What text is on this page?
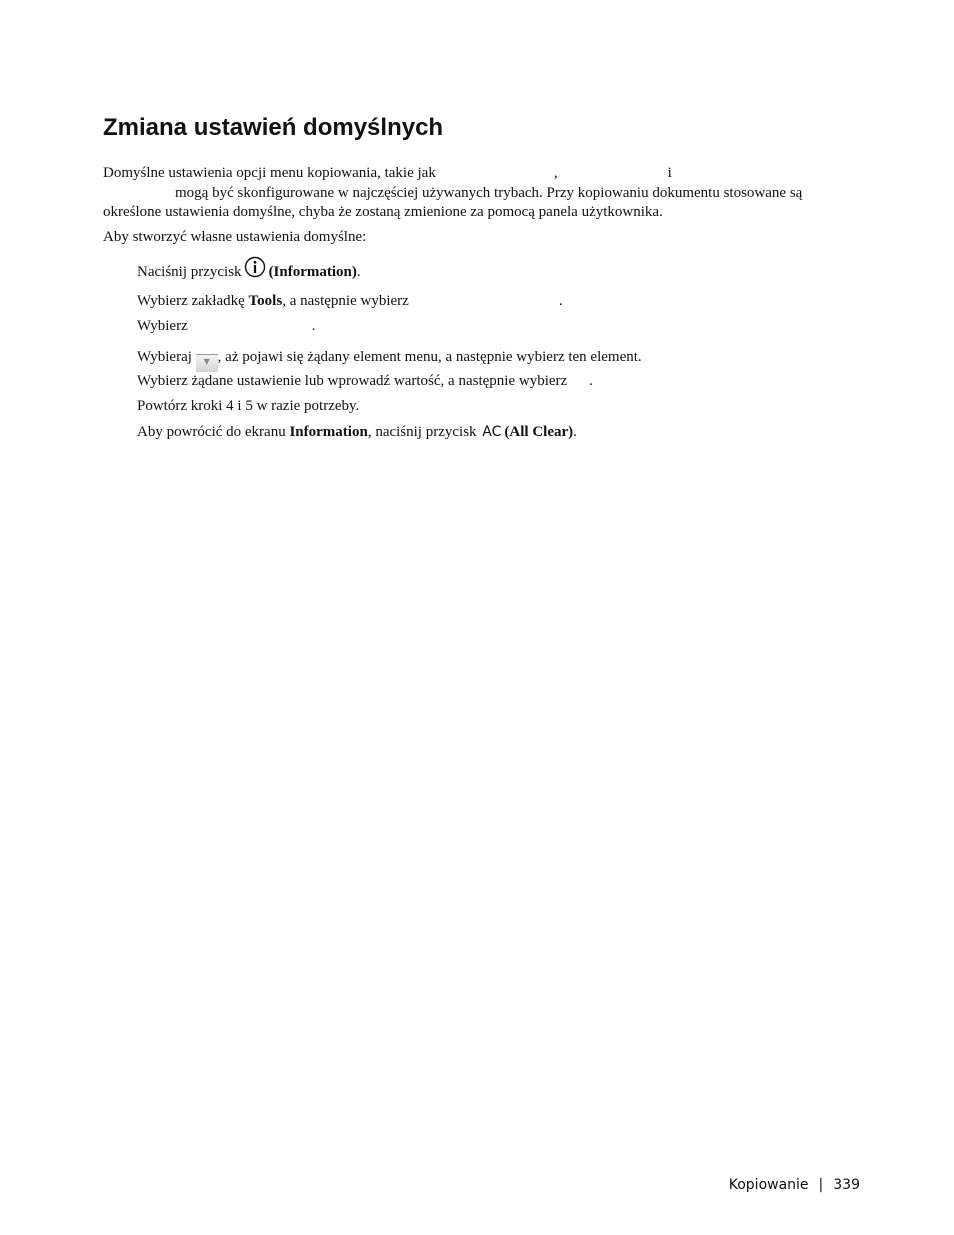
Zmiana ustawień domyślnych

Domyślne ustawienia opcji menu kopiowania, takie jak	,	i
mogą być skonfigurowane w najczęściej używanych trybach. Przy kopiowaniu dokumentu stosowane są określone ustawienia domyślne, chyba że zostaną zmienione za pomocą panela użytkownika.

Aby stworzyć własne ustawienia domyślne:

Naciśnij przycisk (Information).

Wybierz zakładkę Tools, a następnie wybierz	.

Wybierz	.

Wybieraj ▼ , aż pojawi się żądany element menu, a następnie wybierz ten element.

Wybierz żądane ustawienie lub wprowadź wartość, a następnie wybierz .

Powtórz kroki 4 i 5 w razie potrzeby.

Aby powrócić do ekranu Information, naciśnij przycisk AC (All Clear).

Kopiowanie | 339
